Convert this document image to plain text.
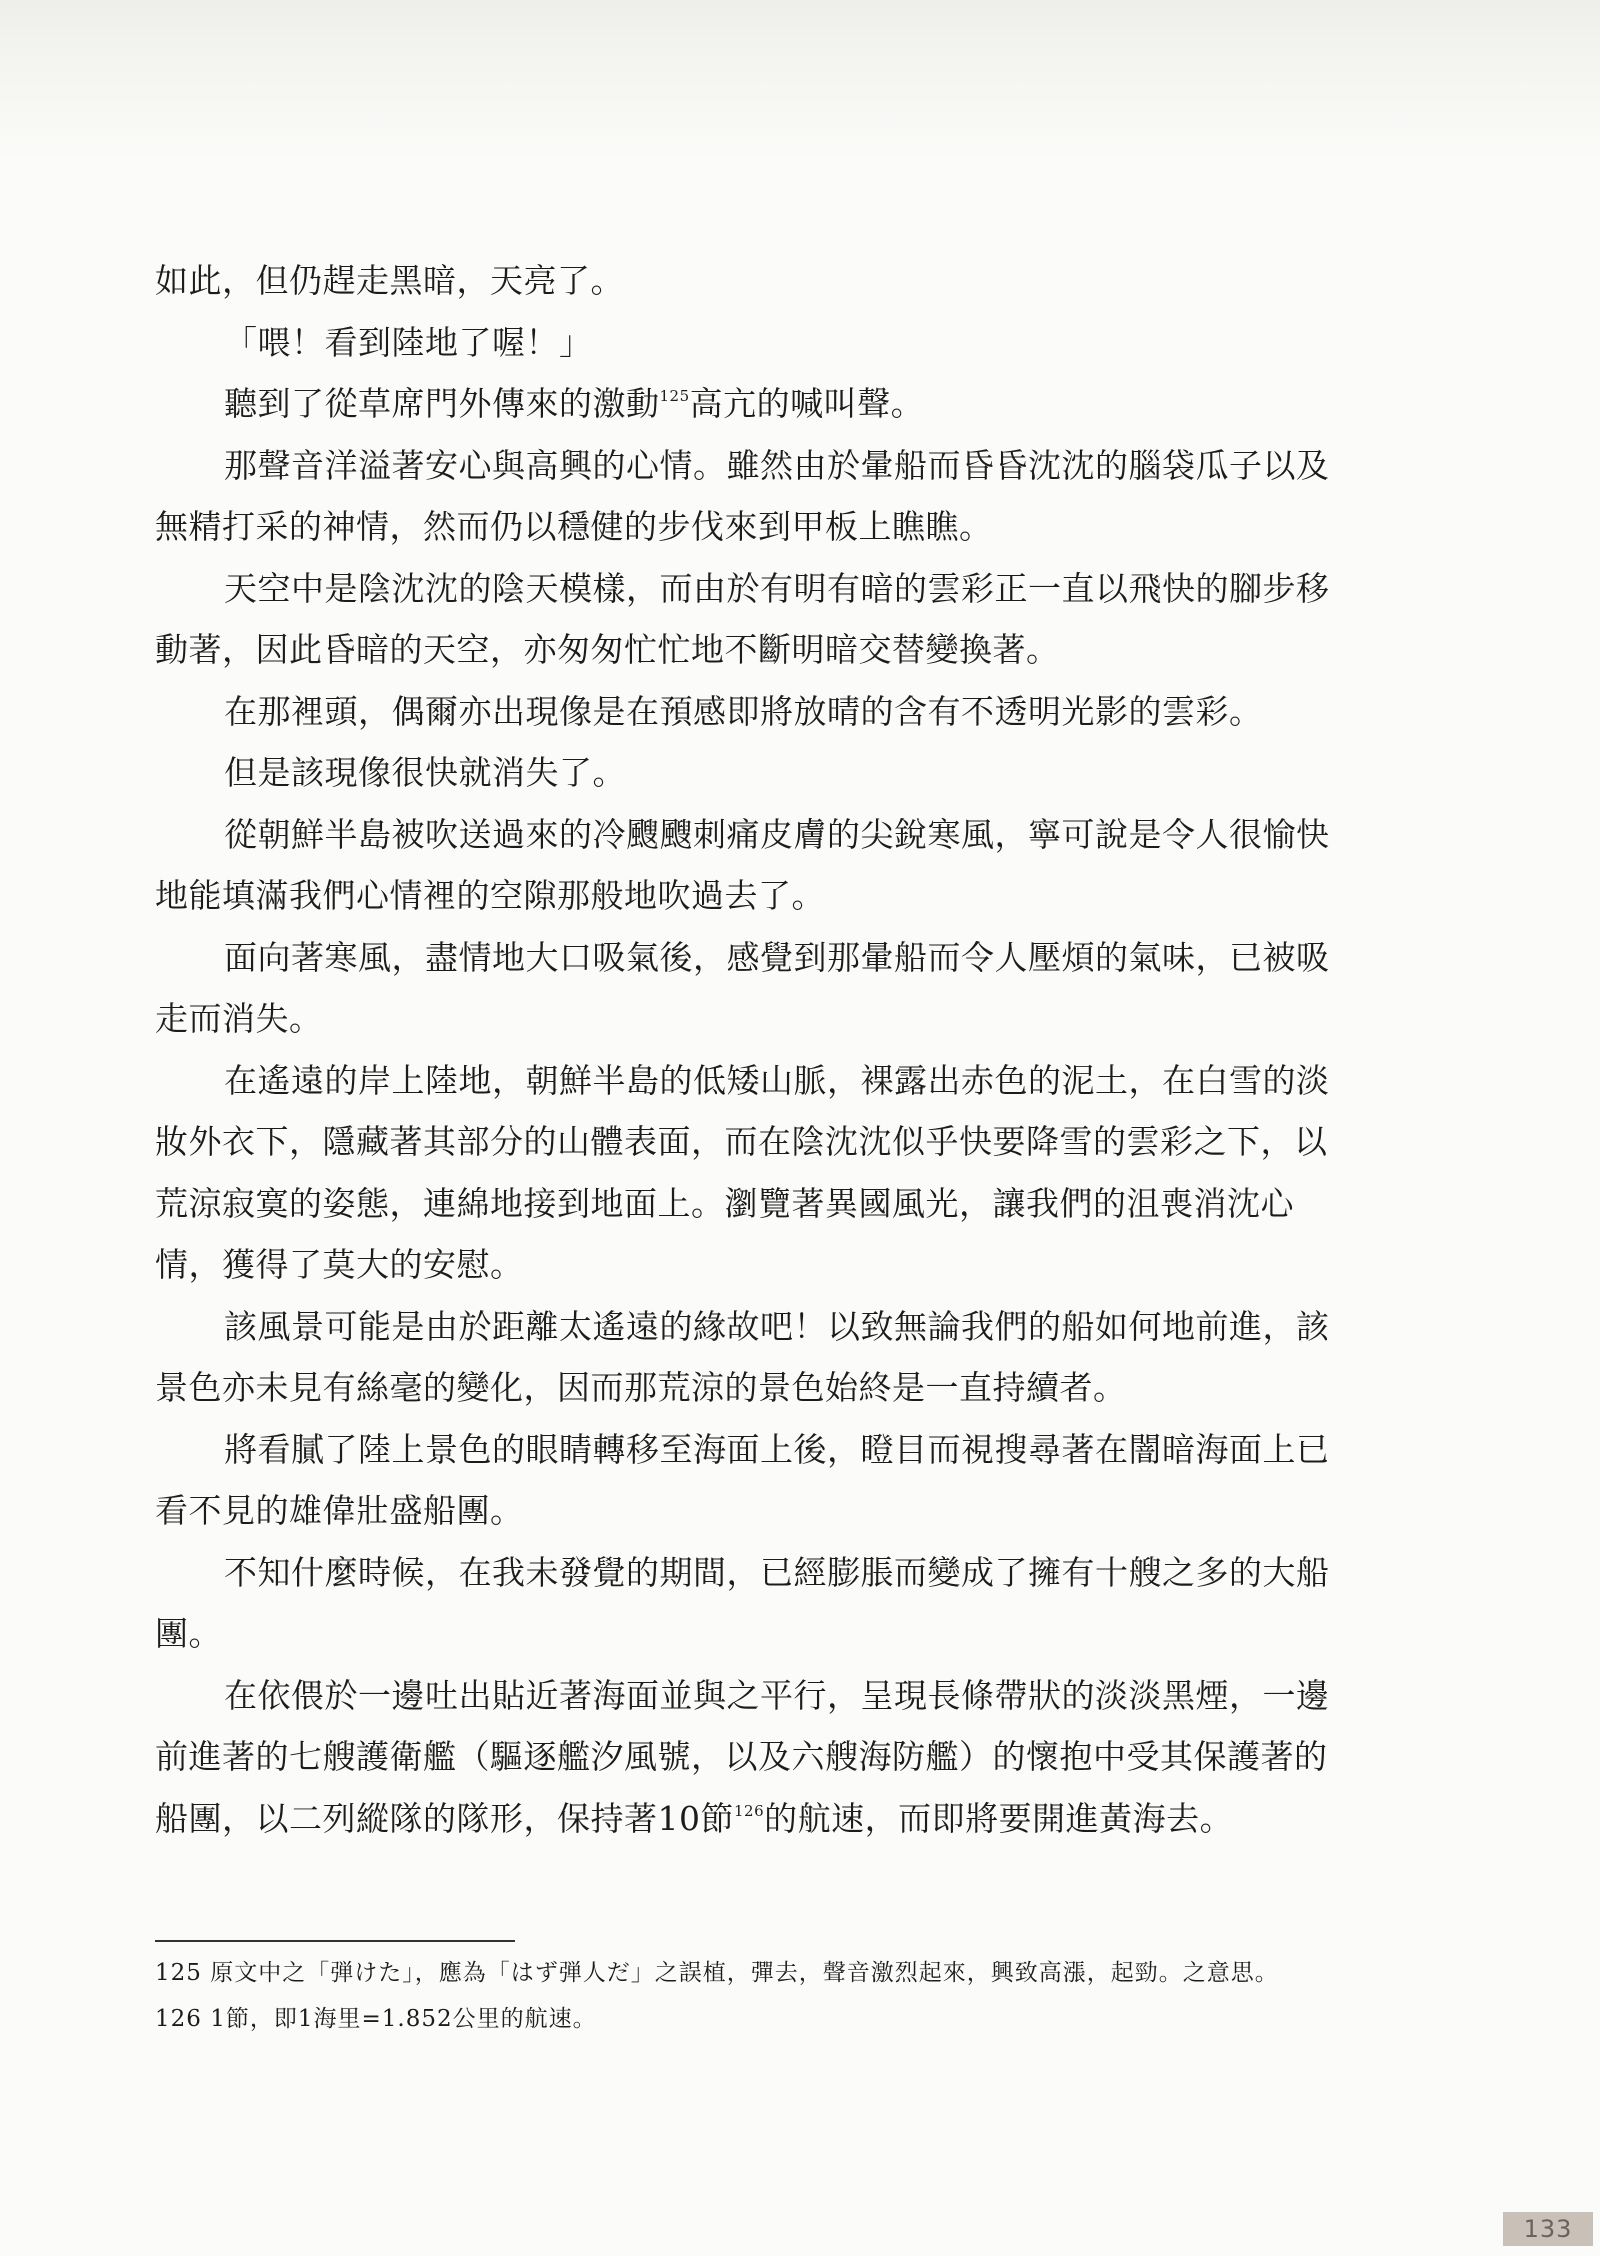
如此，但仍趕走黑暗，天亮了。

「喂！看到陸地了喔！」

聽到了從草席門外傳來的激動$^{125}$高亢的喊叫聲。

那聲音洋溢著安心與高興的心情。雖然由於暈船而昏昏沈沈的腦袋瓜子以及無精打采的神情，然而仍以穩健的步伐來到甲板上瞧瞧。

天空中是陰沈沈的陰天模樣，而由於有明有暗的雲彩正一直以飛快的腳步移動著，因此昏暗的天空，亦匆匆忙忙地不斷明暗交替變換著。

在那裡頭，偶爾亦出現像是在預感即將放晴的含有不透明光影的雲彩。

但是該現像很快就消失了。

從朝鮮半島被吹送過來的冷颼颼刺痛皮膚的尖銳寒風，寧可說是令人很愉快地能填滿我們心情裡的空隙那般地吹過去了。

面向著寒風，盡情地大口吸氣後，感覺到那暈船而令人壓煩的氣味，已被吸走而消失。

在遙遠的岸上陸地，朝鮮半島的低矮山脈，裸露出赤色的泥土，在白雪的淡妝外衣下，隱藏著其部分的山體表面，而在陰沈沈似乎快要降雪的雲彩之下，以荒涼寂寞的姿態，連綿地接到地面上。瀏覽著異國風光，讓我們的沮喪消沈心情，獲得了莫大的安慰。

該風景可能是由於距離太遙遠的緣故吧！以致無論我們的船如何地前進，該景色亦未見有絲毫的變化，因而那荒涼的景色始終是一直持續者。

將看膩了陸上景色的眼睛轉移至海面上後，瞪目而視搜尋著在闇暗海面上已看不見的雄偉壯盛船團。

不知什麼時候，在我未發覺的期間，已經膨脹而變成了擁有十艘之多的大船團。

在依偎於一邊吐出貼近著海面並與之平行，呈現長條帶狀的淡淡黑煙，一邊前進著的七艘護衛艦（驅逐艦汐風號，以及六艘海防艦）的懷抱中受其保護著的船團，以二列縱隊的隊形，保持著10節$^{126}$的航速，而即將要開進黃海去。

125 原文中之「弾けた」，應為「はず弾人だ」之誤植，彈去，聲音激烈起來，興致高漲，起勁。之意思。

126 1節，即1海里=1.852公里的航速。

133
